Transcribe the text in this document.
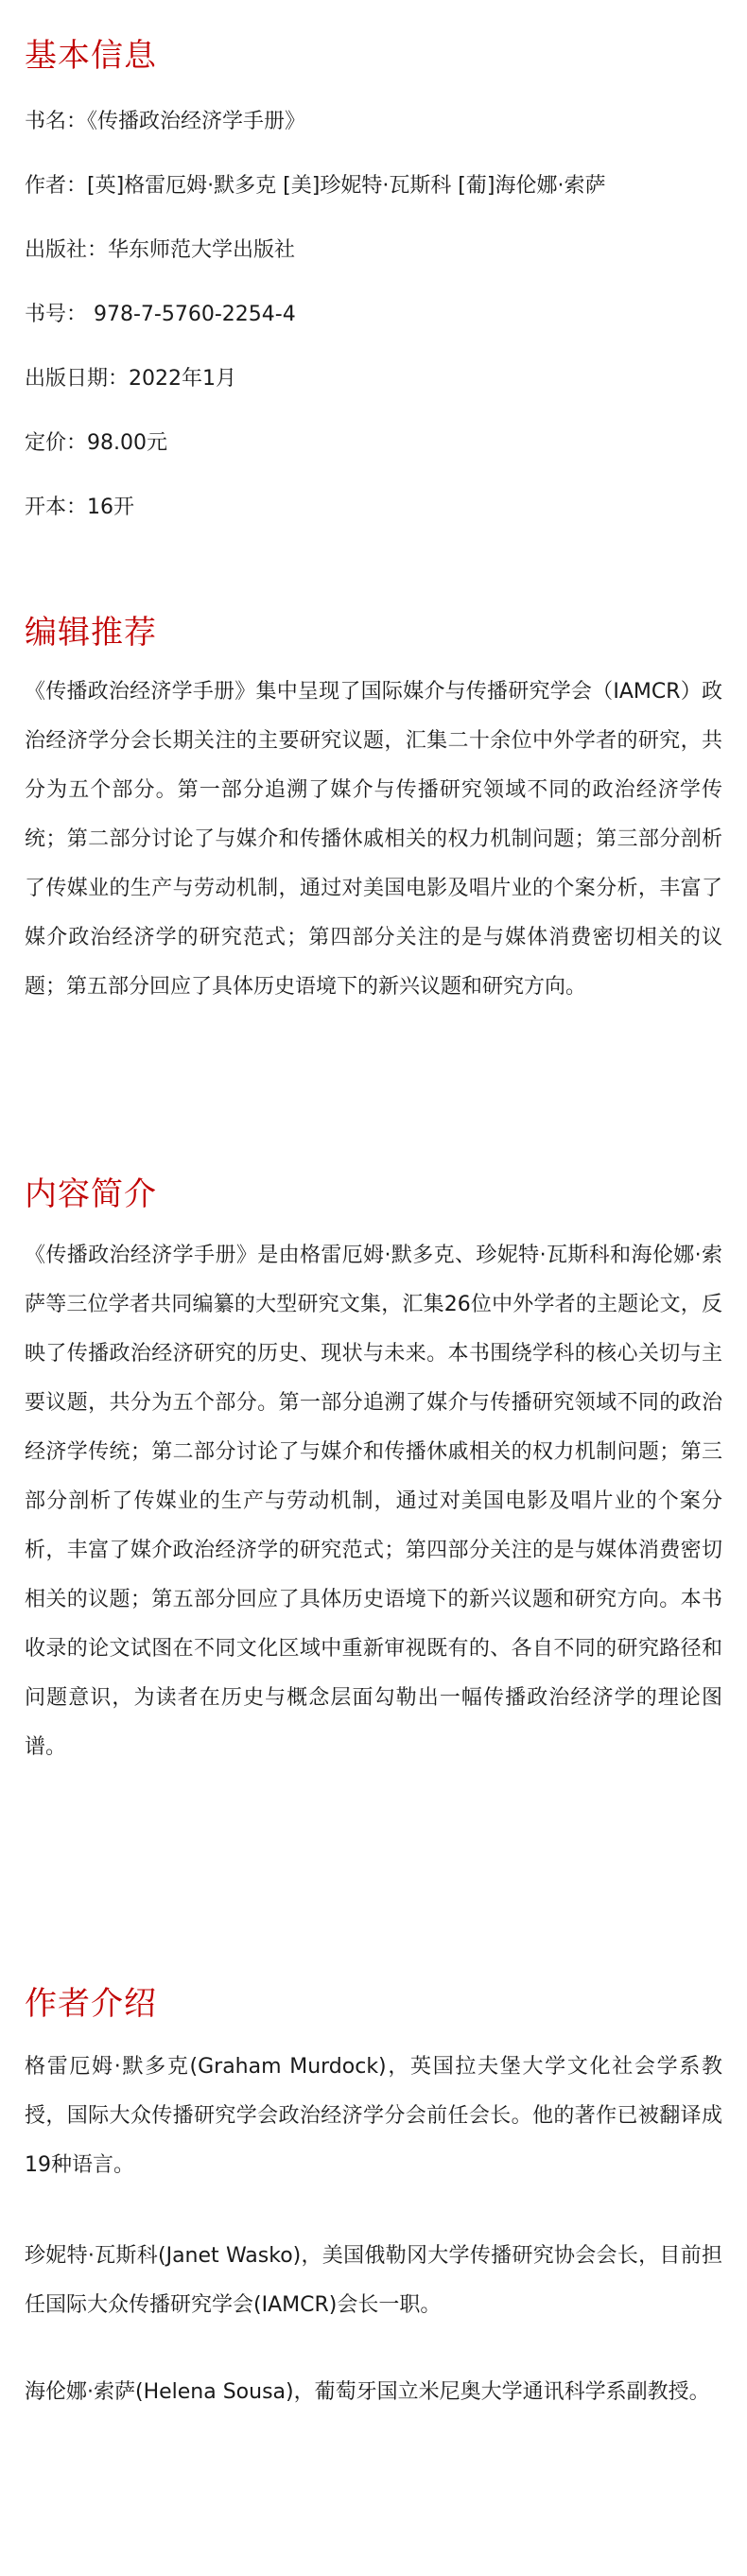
基本信息

书名：《传播政治经济学手册》

作者：[英]格雷厄姆·默多克 [美]珍妮特·瓦斯科 [葡]海伦娜·索萨

出版社：华东师范大学出版社

书号： 978-7-5760-2254-4

出版日期：2022年1月

定价：98.00元

开本：16开

编辑推荐

《传播政治经济学手册》集中呈现了国际媒介与传播研究学会（IAMCR）政治经济学分会长期关注的主要研究议题，汇集二十余位中外学者的研究，共分为五个部分。第一部分追溯了媒介与传播研究领域不同的政治经济学传统；第二部分讨论了与媒介和传播休戚相关的权力机制问题；第三部分剖析了传媒业的生产与劳动机制，通过对美国电影及唱片业的个案分析，丰富了媒介政治经济学的研究范式；第四部分关注的是与媒体消费密切相关的议题；第五部分回应了具体历史语境下的新兴议题和研究方向。

内容简介

《传播政治经济学手册》是由格雷厄姆·默多克、珍妮特·瓦斯科和海伦娜·索萨等三位学者共同编纂的大型研究文集，汇集26位中外学者的主题论文，反映了传播政治经济研究的历史、现状与未来。本书围绕学科的核心关切与主要议题，共分为五个部分。第一部分追溯了媒介与传播研究领域不同的政治经济学传统；第二部分讨论了与媒介和传播休戚相关的权力机制问题；第三部分剖析了传媒业的生产与劳动机制，通过对美国电影及唱片业的个案分析，丰富了媒介政治经济学的研究范式；第四部分关注的是与媒体消费密切相关的议题；第五部分回应了具体历史语境下的新兴议题和研究方向。本书收录的论文试图在不同文化区域中重新审视既有的、各自不同的研究路径和问题意识，为读者在历史与概念层面勾勒出一幅传播政治经济学的理论图谱。

作者介绍

格雷厄姆·默多克(Graham Murdock)，英国拉夫堡大学文化社会学系教授，国际大众传播研究学会政治经济学分会前任会长。他的著作已被翻译成19种语言。

珍妮特·瓦斯科(Janet Wasko)，美国俄勒冈大学传播研究协会会长，目前担任国际大众传播研究学会(IAMCR)会长一职。

海伦娜·索萨(Helena Sousa)，葡萄牙国立米尼奥大学通讯科学系副教授。
